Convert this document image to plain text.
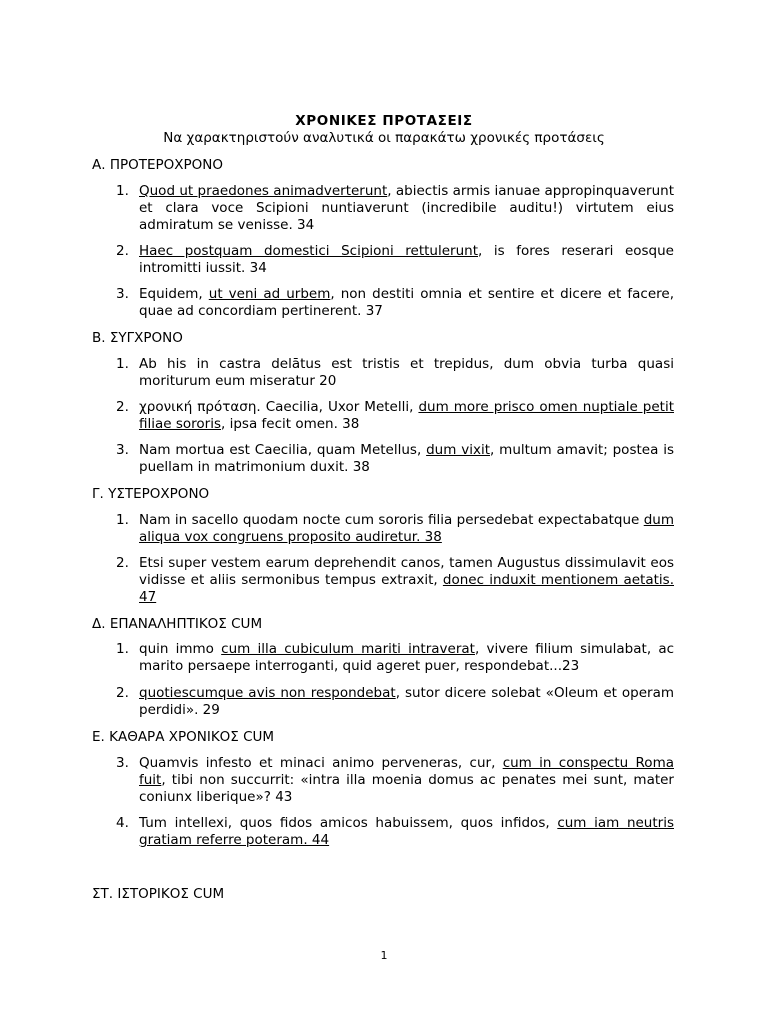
ΧΡΟΝΙΚΕΣ ΠΡΟΤΑΣΕΙΣ
Να χαρακτηριστούν αναλυτικά οι παρακάτω χρονικές προτάσεις
Α. ΠΡΟΤΕΡΟΧΡΟΝΟ
1. Quod ut praedones animadverterunt, abiectis armis ianuae appropinquaverunt et clara voce Scipioni nuntiaverunt (incredibile auditu!) virtutem eius admiratum se venisse. 34
2. Haec postquam domestici Scipioni rettulerunt, is fores reserari eosque intromitti iussit. 34
3. Equidem, ut veni ad urbem, non destiti omnia et sentire et dicere et facere, quae ad concordiam pertinerent. 37
Β. ΣΥΓΧΡΟΝΟ
1. Ab his in castra delātus est tristis et trepidus, dum obvia turba quasi moriturum eum miseratur 20
2. χρονική πρόταση. Caecilia, Uxor Metelli, dum more prisco omen nuptiale petit filiae sororis, ipsa fecit omen. 38
3. Nam mortua est Caecilia, quam Metellus, dum vixit, multum amavit; postea is puellam in matrimonium duxit. 38
Γ. ΥΣΤΕΡΟΧΡΟΝΟ
1. Nam in sacello quodam nocte cum sororis filia persedebat expectabatque dum aliqua vox congruens proposito audiretur. 38
2. Etsi super vestem earum deprehendit canos, tamen Augustus dissimulavit eos vidisse et aliis sermonibus tempus extraxit, donec induxit mentionem aetatis. 47
Δ. ΕΠΑΝΑΛΗΠΤΙΚΟΣ CUM
1. quin immo cum illa cubiculum mariti intraverat, vivere filium simulabat, ac marito persaepe interroganti, quid ageret puer, respondebat...23
2. quotiescumque avis non respondebat, sutor dicere solebat «Oleum et operam perdidi». 29
Ε. ΚΑΘΑΡΑ ΧΡΟΝΙΚΟΣ CUM
3. Quamvis infesto et minaci animo perveneras, cur, cum in conspectu Roma fuit, tibi non succurrit: «intra illa moenia domus ac penates mei sunt, mater coniunx liberique»? 43
4. Tum intellexi, quos fidos amicos habuissem, quos infidos, cum iam neutris gratiam referre poteram. 44
ΣΤ. ΙΣΤΟΡΙΚΟΣ CUM
1
